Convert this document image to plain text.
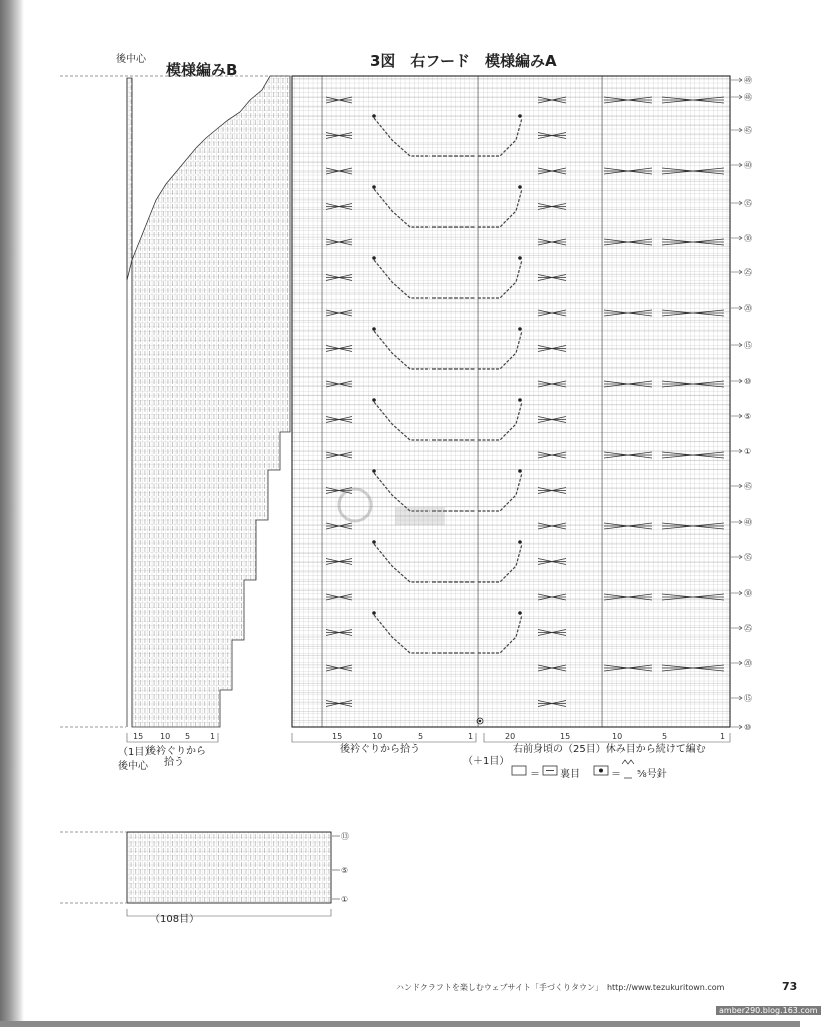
後中心
模様編みB	3図　右フード　模様編みA
㊾
㊽
㊺
㊵
㉟
㉚
㉕
⑳
⑮
⑩
⑤
①
㊺
㊵
㉟
㉚
㉕
⑳
⑮
⑩
⑬
⑤
①
15 10 5 1	15	10	5	1	20	15	10	5	1
（1目）
後衿ぐりから
拾う
後中心
後衿ぐりから拾う
（＋1目）
右前身頃の（25目）休み目から続けて編む
＝ 裏目	＝ ⅝号針
（108目）
ハンドクラフトを楽しむウェブサイト「手づくりタウン」　http://www.tezukuritown.com	73
amber290.blog.163.com
